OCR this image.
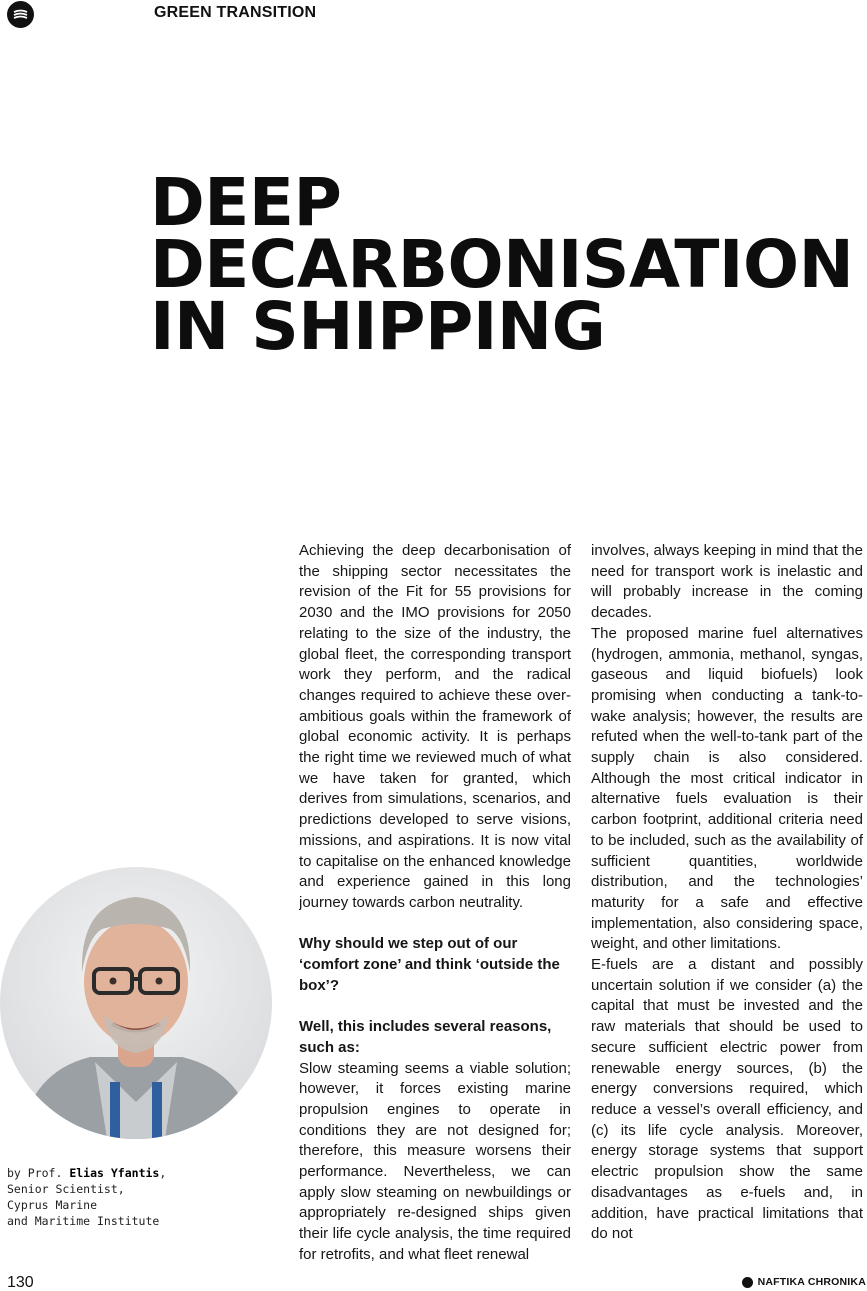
GREEN TRANSITION
DEEP
DECARBONISATION
IN SHIPPING
by Prof. Elias Yfantis,
Senior Scientist,
Cyprus Marine
and Maritime Institute

Achieving the deep decarbonisation of the shipping sector necessitates the revision of the Fit for 55 provisions for 2030 and the IMO provisions for 2050 relating to the size of the industry, the global fleet, the corresponding transport work they perform, and the radical changes required to achieve these over-ambitious goals within the framework of global economic activity. It is perhaps the right time we reviewed much of what we have taken for granted, which derives from simulations, scenarios, and predictions developed to serve visions, missions, and aspirations. It is now vital to capitalise on the enhanced knowledge and experience gained in this long journey towards carbon neutrality.

Why should we step out of our ‘comfort zone’ and think ‘outside the box’?

Well, this includes several reasons, such as:

Slow steaming seems a viable solution; however, it forces existing marine propulsion engines to operate in conditions they are not designed for; therefore, this measure worsens their performance. Nevertheless, we can apply slow steaming on newbuildings or appropriately re-designed ships given their life cycle analysis, the time required for retrofits, and what fleet renewal

involves, always keeping in mind that the need for transport work is inelastic and will probably increase in the coming decades.

The proposed marine fuel alternatives (hydrogen, ammonia, methanol, syngas, gaseous and liquid biofuels) look promising when conducting a tank-to-wake analysis; however, the results are refuted when the well-to-tank part of the supply chain is also considered. Although the most critical indicator in alternative fuels evaluation is their carbon footprint, additional criteria need to be included, such as the availability of sufficient quantities, worldwide distribution, and the technologies’ maturity for a safe and effective implementation, also considering space, weight, and other limitations.

E-fuels are a distant and possibly uncertain solution if we consider (a) the capital that must be invested and the raw materials that should be used to secure sufficient electric power from renewable energy sources, (b) the energy conversions required, which reduce a vessel’s overall efficiency, and (c) its life cycle analysis. Moreover, energy storage systems that support electric propulsion show the same disadvantages as e-fuels and, in addition, have practical limitations that do not

130	NAFTIKA CHRONIKA
